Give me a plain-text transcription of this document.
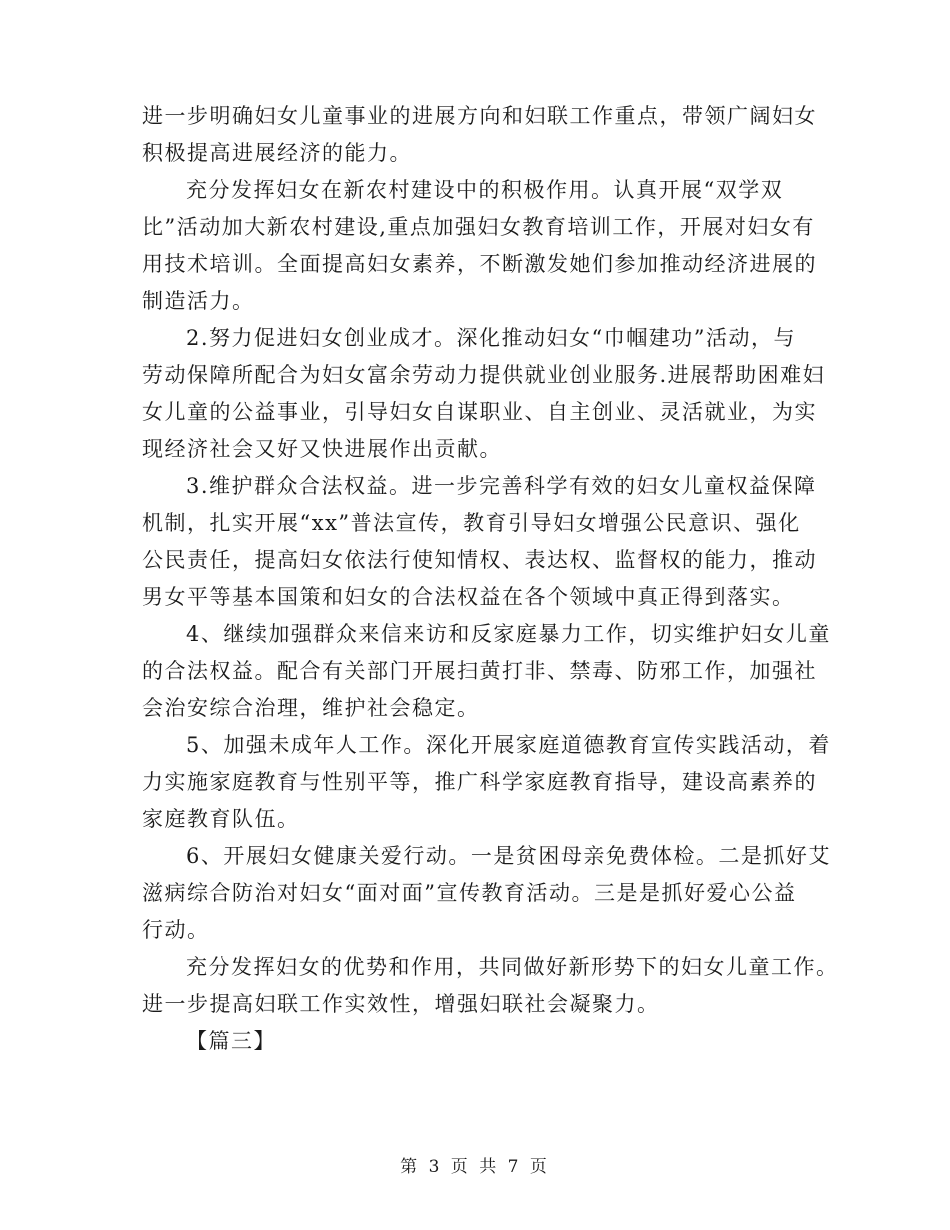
进一步明确妇女儿童事业的进展方向和妇联工作重点，带领广阔妇女
积极提高进展经济的能力。
充分发挥妇女在新农村建设中的积极作用。认真开展“双学双
比”活动加大新农村建设,重点加强妇女教育培训工作，开展对妇女有
用技术培训。全面提高妇女素养，不断激发她们参加推动经济进展的
制造活力。
2.努力促进妇女创业成才。深化推动妇女“巾帼建功”活动，与
劳动保障所配合为妇女富余劳动力提供就业创业服务.进展帮助困难妇
女儿童的公益事业，引导妇女自谋职业、自主创业、灵活就业，为实
现经济社会又好又快进展作出贡献。
3.维护群众合法权益。进一步完善科学有效的妇女儿童权益保障
机制，扎实开展“xx”普法宣传，教育引导妇女增强公民意识、强化
公民责任，提高妇女依法行使知情权、表达权、监督权的能力，推动
男女平等基本国策和妇女的合法权益在各个领域中真正得到落实。
4、继续加强群众来信来访和反家庭暴力工作，切实维护妇女儿童
的合法权益。配合有关部门开展扫黄打非、禁毒、防邪工作，加强社
会治安综合治理，维护社会稳定。
5、加强未成年人工作。深化开展家庭道德教育宣传实践活动，着
力实施家庭教育与性别平等，推广科学家庭教育指导，建设高素养的
家庭教育队伍。
6、开展妇女健康关爱行动。一是贫困母亲免费体检。二是抓好艾
滋病综合防治对妇女“面对面”宣传教育活动。三是是抓好爱心公益
行动。
充分发挥妇女的优势和作用，共同做好新形势下的妇女儿童工作。
进一步提高妇联工作实效性，增强妇联社会凝聚力。
【篇三】
第 3 页 共 7 页
